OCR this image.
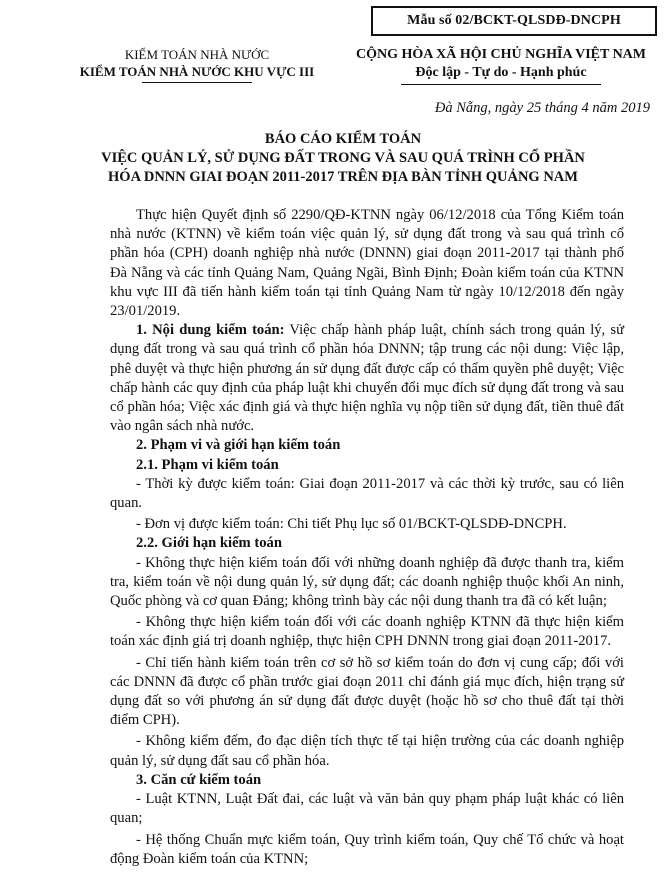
Mẫu số 02/BCKT-QLSDĐ-DNCPH
KIỂM TOÁN NHÀ NƯỚC
KIỂM TOÁN NHÀ NƯỚC KHU VỰC III
CỘNG HÒA XÃ HỘI CHỦ NGHĨA VIỆT NAM
Độc lập - Tự do - Hạnh phúc
Đà Nẵng, ngày 25 tháng 4 năm 2019
BÁO CÁO KIỂM TOÁN
VIỆC QUẢN LÝ, SỬ DỤNG ĐẤT TRONG VÀ SAU QUÁ TRÌNH CỔ PHẦN
HÓA DNNN GIAI ĐOẠN 2011-2017 TRÊN ĐỊA BÀN TỈNH QUẢNG NAM

Thực hiện Quyết định số 2290/QĐ-KTNN ngày 06/12/2018 của Tổng Kiểm toán nhà nước (KTNN) về kiểm toán việc quản lý, sử dụng đất trong và sau quá trình cổ phần hóa (CPH) doanh nghiệp nhà nước (DNNN) giai đoạn 2011-2017 tại thành phố Đà Nẵng và các tỉnh Quảng Nam, Quảng Ngãi, Bình Định; Đoàn kiểm toán của KTNN khu vực III đã tiến hành kiểm toán tại tỉnh Quảng Nam từ ngày 10/12/2018 đến ngày 23/01/2019.

1. Nội dung kiểm toán: Việc chấp hành pháp luật, chính sách trong quản lý, sử dụng đất trong và sau quá trình cổ phần hóa DNNN; tập trung các nội dung: Việc lập, phê duyệt và thực hiện phương án sử dụng đất được cấp có thẩm quyền phê duyệt; Việc chấp hành các quy định của pháp luật khi chuyển đổi mục đích sử dụng đất trong và sau cổ phần hóa; Việc xác định giá và thực hiện nghĩa vụ nộp tiền sử dụng đất, tiền thuê đất vào ngân sách nhà nước.

2. Phạm vi và giới hạn kiểm toán

2.1. Phạm vi kiểm toán

- Thời kỳ được kiểm toán: Giai đoạn 2011-2017 và các thời kỳ trước, sau có liên quan.

- Đơn vị được kiểm toán: Chi tiết Phụ lục số 01/BCKT-QLSDĐ-DNCPH.

2.2. Giới hạn kiểm toán

- Không thực hiện kiểm toán đối với những doanh nghiệp đã được thanh tra, kiểm tra, kiểm toán về nội dung quản lý, sử dụng đất; các doanh nghiệp thuộc khối An ninh, Quốc phòng và cơ quan Đảng; không trình bày các nội dung thanh tra đã có kết luận;

- Không thực hiện kiểm toán đối với các doanh nghiệp KTNN đã thực hiện kiểm toán xác định giá trị doanh nghiệp, thực hiện CPH DNNN trong giai đoạn 2011-2017.

- Chỉ tiến hành kiểm toán trên cơ sở hồ sơ kiểm toán do đơn vị cung cấp; đối với các DNNN đã được cổ phần trước giai đoạn 2011 chỉ đánh giá mục đích, hiện trạng sử dụng đất so với phương án sử dụng đất được duyệt (hoặc hồ sơ cho thuê đất tại thời điểm CPH).

- Không kiểm đếm, đo đạc diện tích thực tế tại hiện trường của các doanh nghiệp quản lý, sử dụng đất sau cổ phần hóa.

3. Căn cứ kiểm toán

- Luật KTNN, Luật Đất đai, các luật và văn bản quy phạm pháp luật khác có liên quan;

- Hệ thống Chuẩn mực kiểm toán, Quy trình kiểm toán, Quy chế Tổ chức và hoạt động Đoàn kiểm toán của KTNN;
